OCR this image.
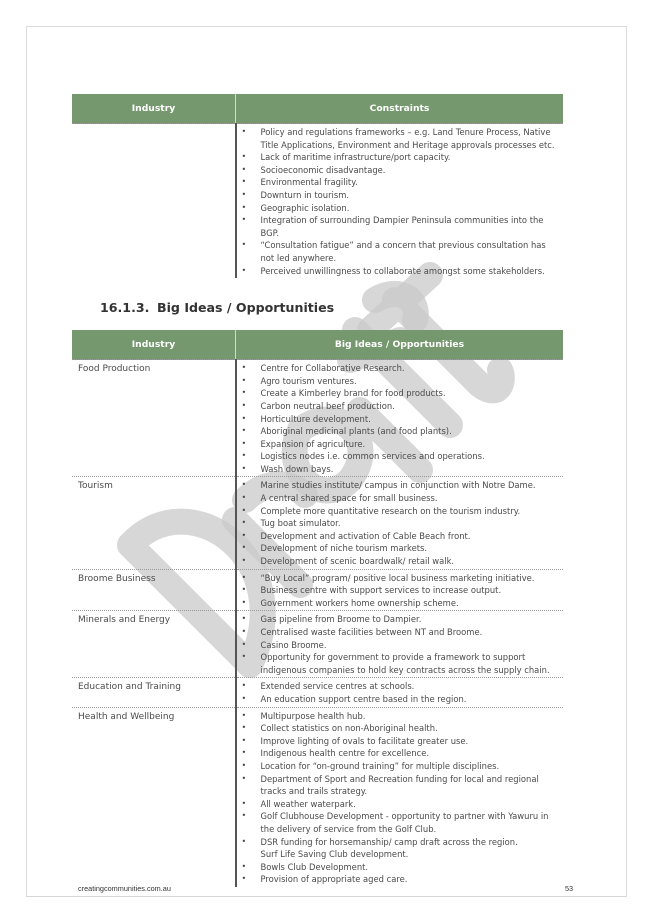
Industry	Constraints

• Policy and regulations frameworks – e.g. Land Tenure Process, Native Title Applications, Environment and Heritage approvals processes etc.
• Lack of maritime infrastructure/port capacity.
• Socioeconomic disadvantage.
• Environmental fragility.
• Downturn in tourism.
• Geographic isolation.
• Integration of surrounding Dampier Peninsula communities into the BGP.
• “Consultation fatigue” and a concern that previous consultation has not led anywhere.
• Perceived unwillingness to collaborate amongst some stakeholders.
16.1.3. Big Ideas / Opportunities
Industry	Big Ideas / Opportunities
Food Production	• Centre for Collaborative Research.
• Agro tourism ventures.
• Create a Kimberley brand for food products.
• Carbon neutral beef production.
• Horticulture development.
• Aboriginal medicinal plants (and food plants).
• Expansion of agriculture.
• Logistics nodes i.e. common services and operations.
• Wash down bays.

Tourism	• Marine studies institute/ campus in conjunction with Notre Dame.
• A central shared space for small business.
• Complete more quantitative research on the tourism industry.
• Tug boat simulator.
• Development and activation of Cable Beach front.
• Development of niche tourism markets.
• Development of scenic boardwalk/ retail walk.

Broome Business	• “Buy Local” program/ positive local business marketing initiative.
• Business centre with support services to increase output.
• Government workers home ownership scheme.

Minerals and Energy	• Gas pipeline from Broome to Dampier.
• Centralised waste facilities between NT and Broome.
• Casino Broome.
• Opportunity for government to provide a framework to support indigenous companies to hold key contracts across the supply chain.

Education and Training	• Extended service centres at schools.
• An education support centre based in the region.

Health and Wellbeing	• Multipurpose health hub.
• Collect statistics on non-Aboriginal health.
• Improve lighting of ovals to facilitate greater use.
• Indigenous health centre for excellence.
• Location for “on-ground training” for multiple disciplines.
• Department of Sport and Recreation funding for local and regional tracks and trails strategy.
• All weather waterpark.
• Golf Clubhouse Development - opportunity to partner with Yawuru in the delivery of service from the Golf Club.
• DSR funding for horsemanship/ camp draft across the region.
Surf Life Saving Club development.
• Bowls Club Development.
• Provision of appropriate aged care.
creatingcommunities.com.au	53
